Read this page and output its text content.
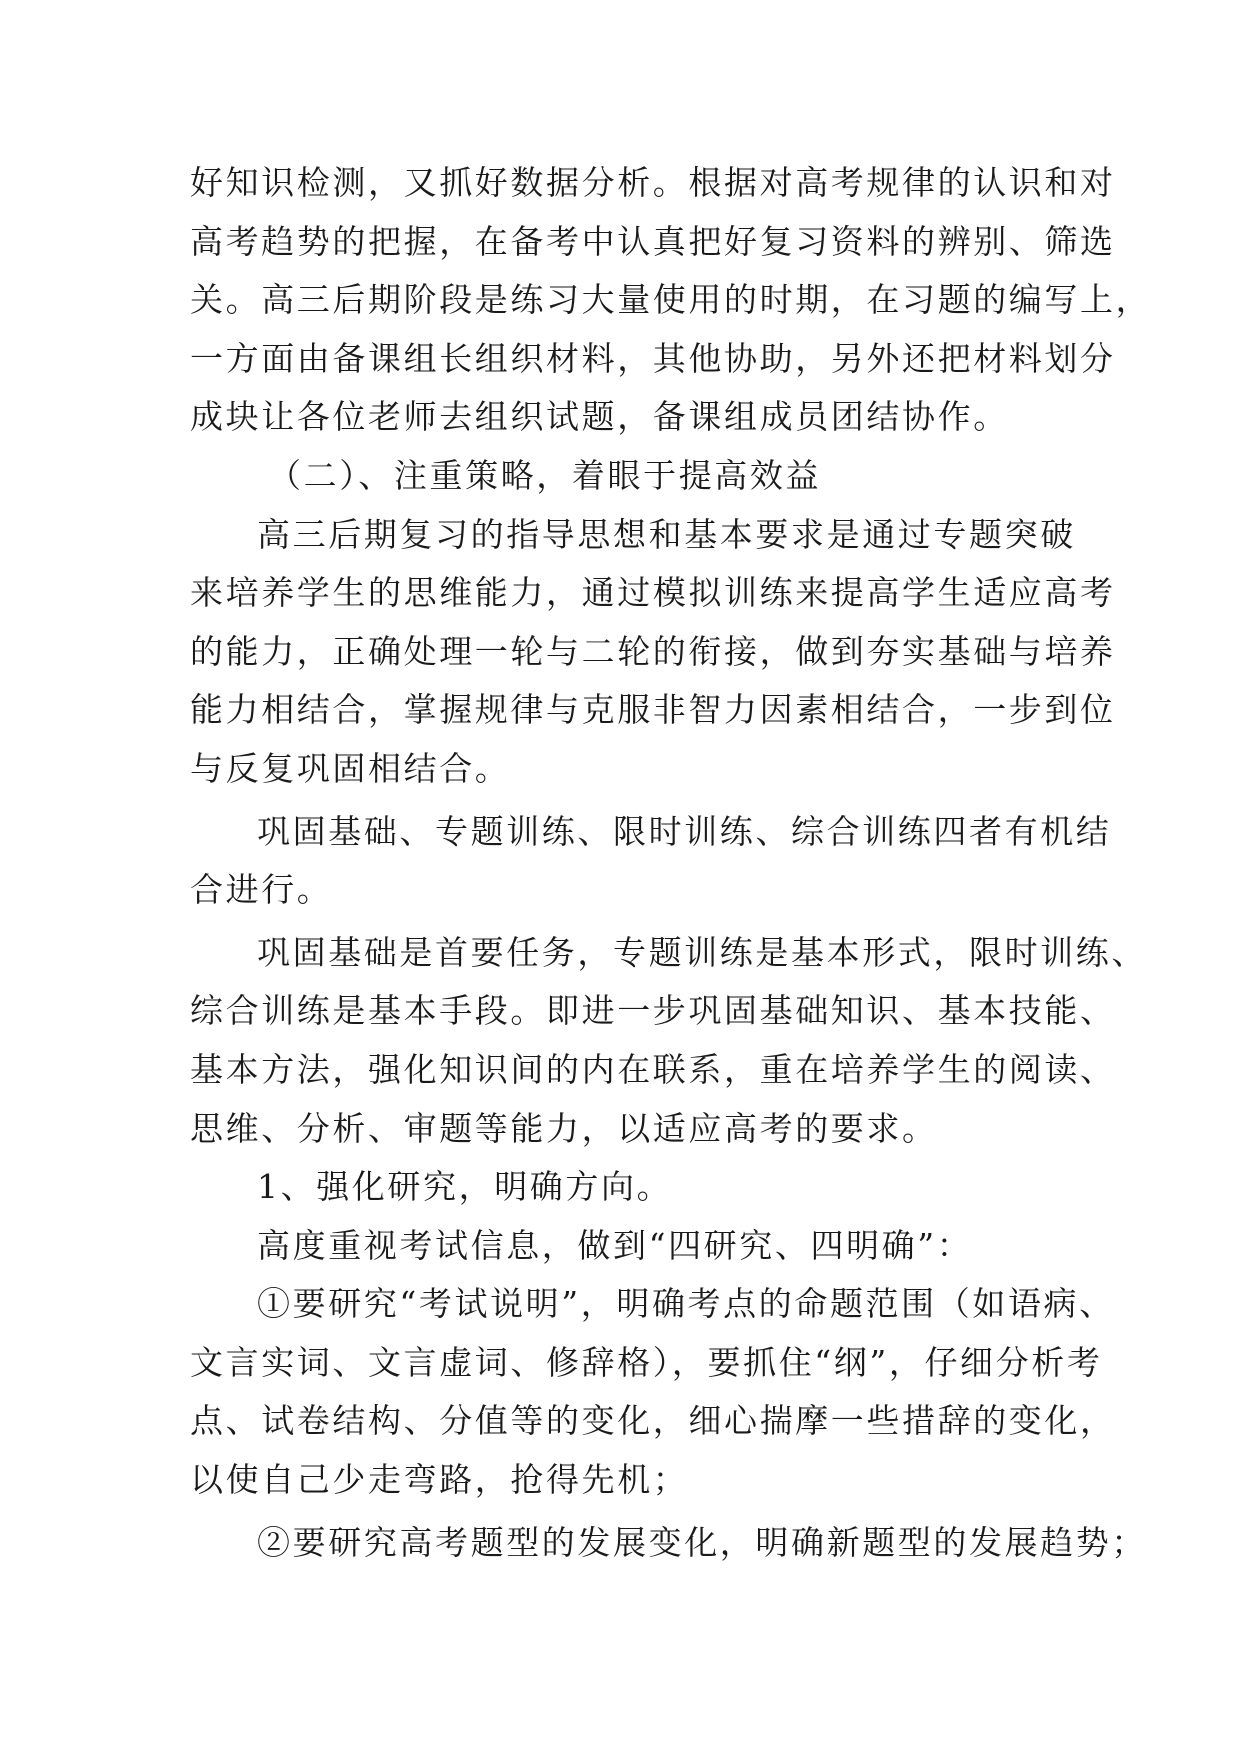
好知识检测，又抓好数据分析。根据对高考规律的认识和对
高考趋势的把握，在备考中认真把好复习资料的辨别、筛选
关。高三后期阶段是练习大量使用的时期，在习题的编写上，
一方面由备课组长组织材料，其他协助，另外还把材料划分
成块让各位老师去组织试题，备课组成员团结协作。
（二）、注重策略，着眼于提高效益
高三后期复习的指导思想和基本要求是通过专题突破
来培养学生的思维能力，通过模拟训练来提高学生适应高考
的能力，正确处理一轮与二轮的衔接，做到夯实基础与培养
能力相结合，掌握规律与克服非智力因素相结合，一步到位
与反复巩固相结合。
巩固基础、专题训练、限时训练、综合训练四者有机结
合进行。
巩固基础是首要任务，专题训练是基本形式，限时训练、
综合训练是基本手段。即进一步巩固基础知识、基本技能、
基本方法，强化知识间的内在联系，重在培养学生的阅读、
思维、分析、审题等能力，以适应高考的要求。
1、强化研究，明确方向。
高度重视考试信息，做到“四研究、四明确”：
①要研究“考试说明”，明确考点的命题范围（如语病、
文言实词、文言虚词、修辞格），要抓住“纲”，仔细分析考
点、试卷结构、分值等的变化，细心揣摩一些措辞的变化，
以使自己少走弯路，抢得先机；
②要研究高考题型的发展变化，明确新题型的发展趋势；
